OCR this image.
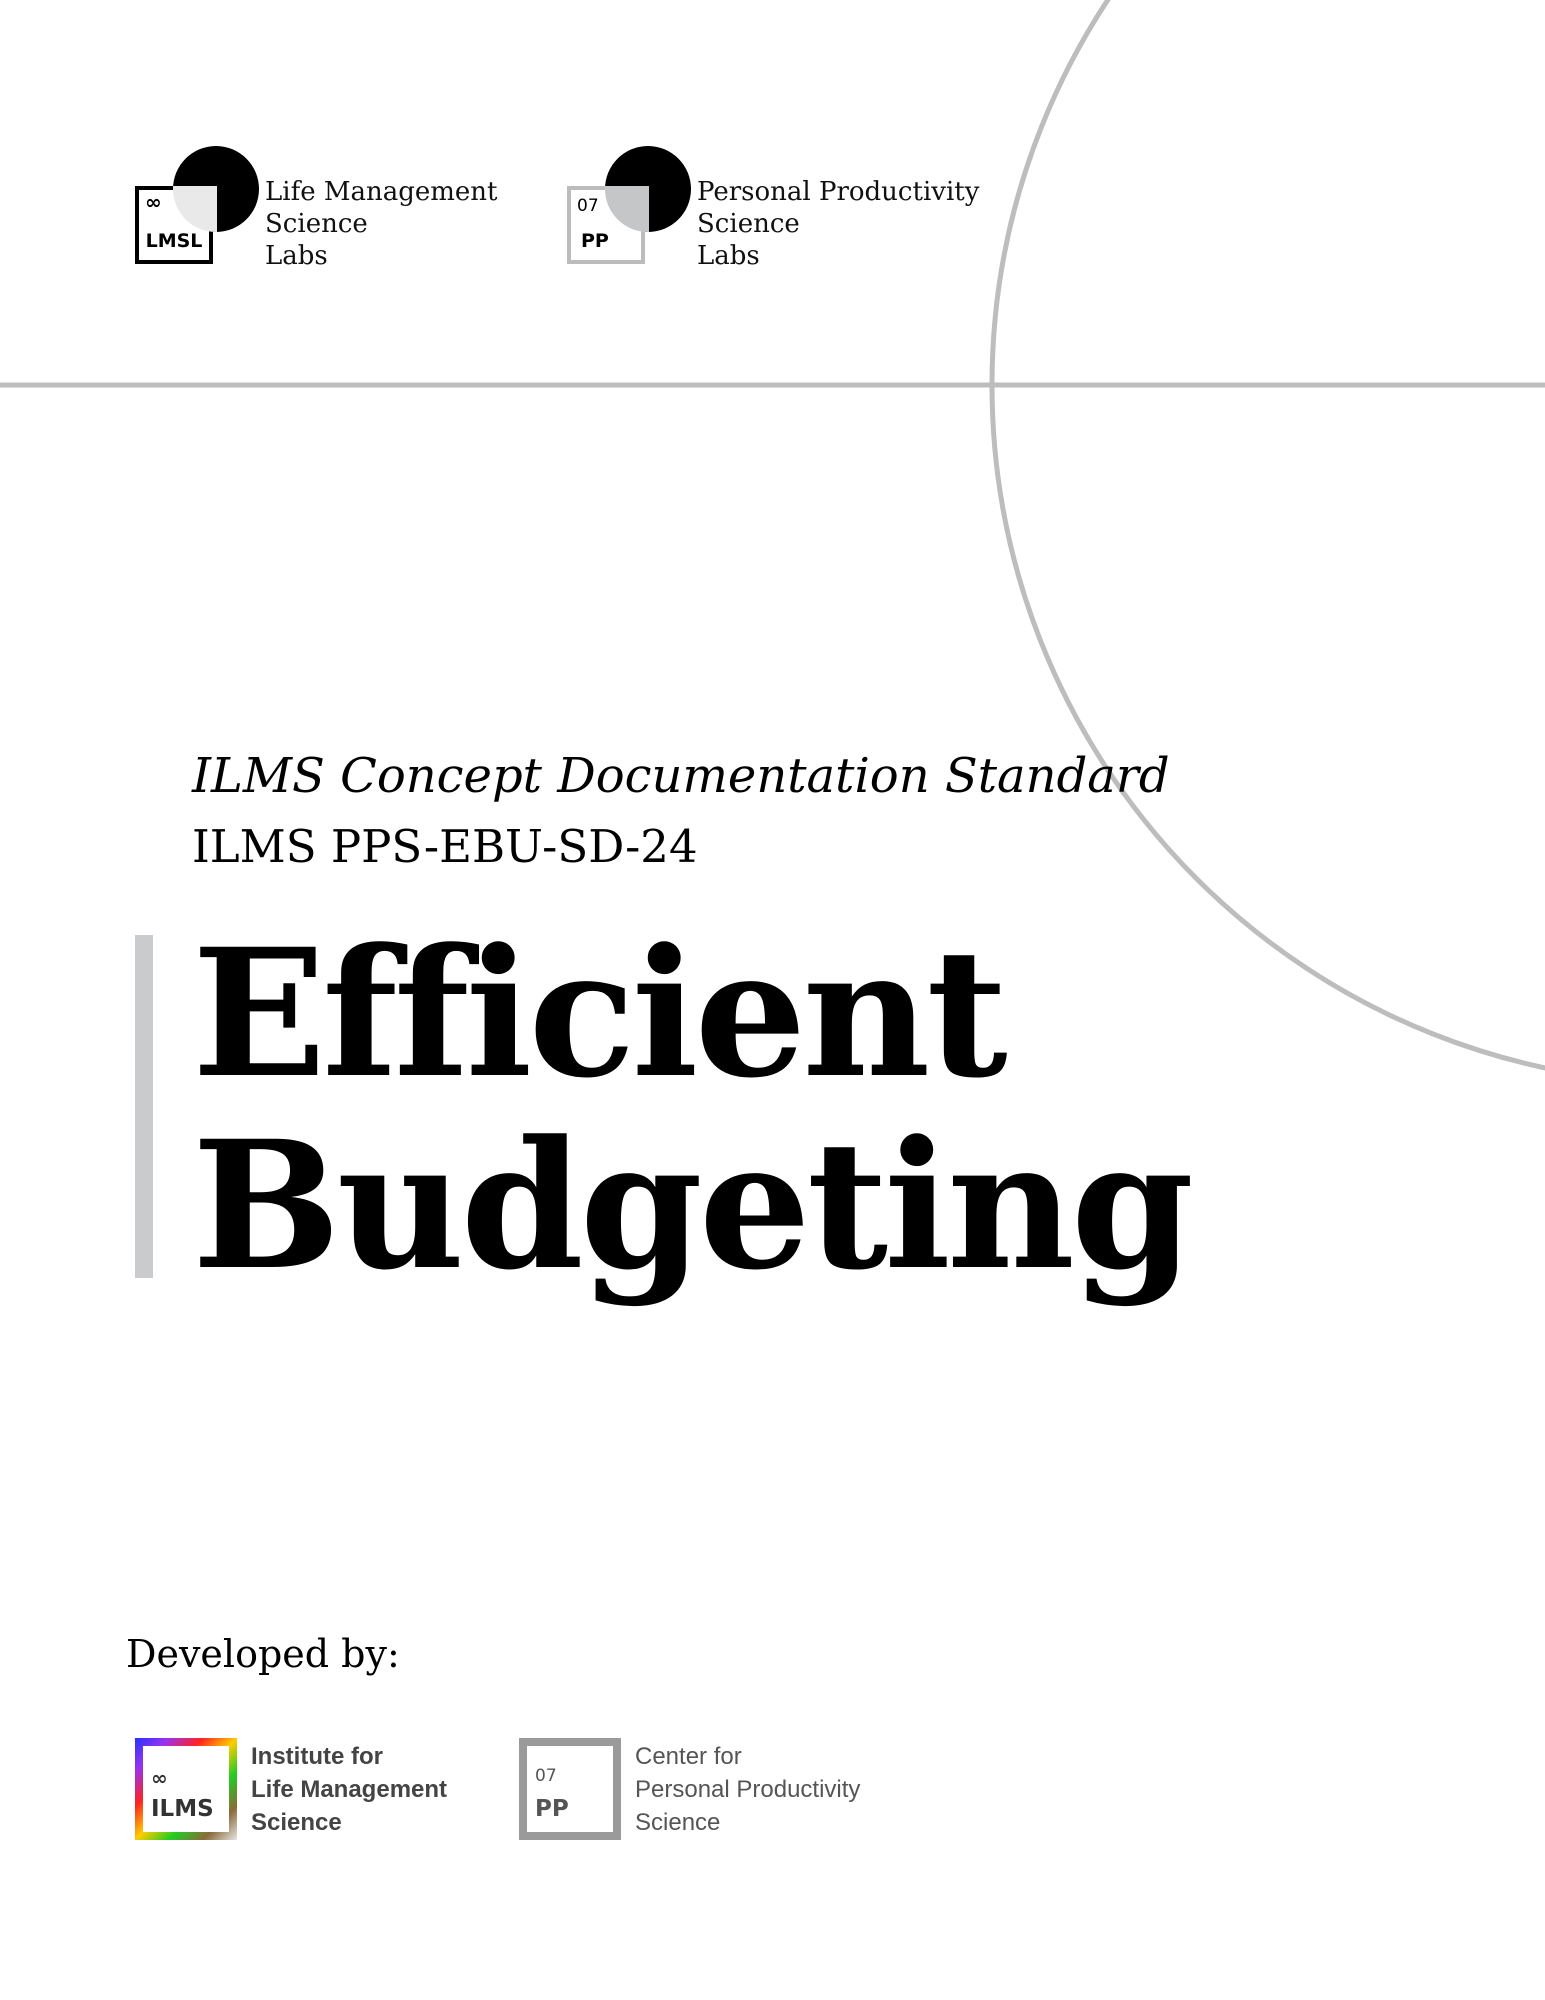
∞
LMSL
Life Management
Science
Labs
07
PP
Personal Productivity
Science
Labs
ILMS Concept Documentation Standard
ILMS PPS-EBU-SD-24
Efficient
Budgeting
Developed by:
∞
ILMS
Institute for
Life Management
Science
07
PP
Center for
Personal Productivity
Science
